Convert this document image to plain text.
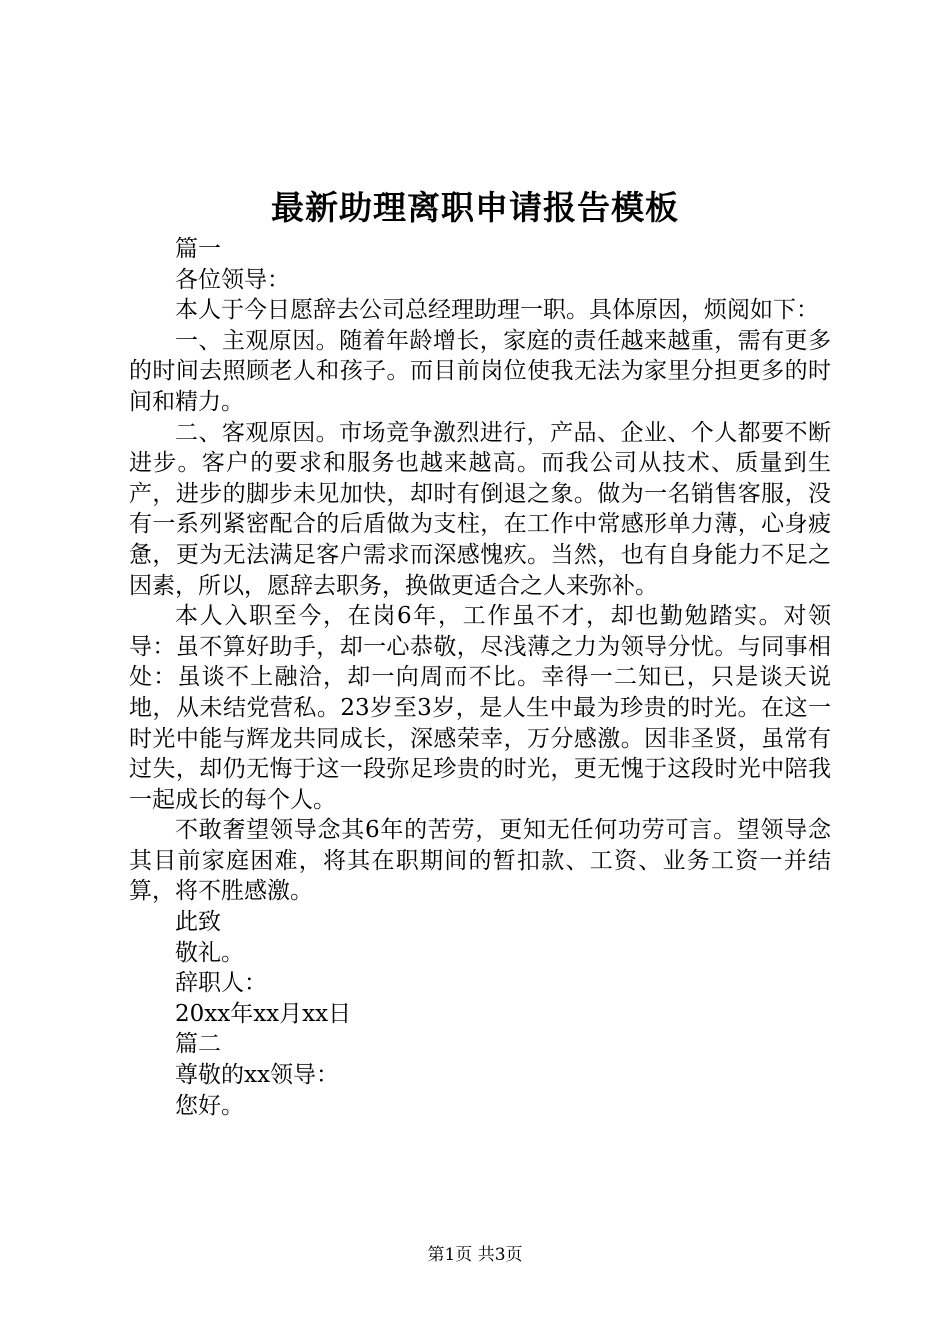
最新助理离职申请报告模板

篇一

各位领导：

本人于今日愿辞去公司总经理助理一职。具体原因，烦阅如下：

一、主观原因。随着年龄增长，家庭的责任越来越重，需有更多的时间去照顾老人和孩子。而目前岗位使我无法为家里分担更多的时间和精力。

二、客观原因。市场竞争激烈进行，产品、企业、个人都要不断进步。客户的要求和服务也越来越高。而我公司从技术、质量到生产，进步的脚步未见加快，却时有倒退之象。做为一名销售客服，没有一系列紧密配合的后盾做为支柱，在工作中常感形单力薄，心身疲惫，更为无法满足客户需求而深感愧疚。当然，也有自身能力不足之因素，所以，愿辞去职务，换做更适合之人来弥补。

本人入职至今，在岗6年，工作虽不才，却也勤勉踏实。对领导：虽不算好助手，却一心恭敬，尽浅薄之力为领导分忧。与同事相处：虽谈不上融洽，却一向周而不比。幸得一二知已，只是谈天说地，从未结党营私。23岁至3岁，是人生中最为珍贵的时光。在这一时光中能与辉龙共同成长，深感荣幸，万分感激。因非圣贤，虽常有过失，却仍无悔于这一段弥足珍贵的时光，更无愧于这段时光中陪我一起成长的每个人。

不敢奢望领导念其6年的苦劳，更知无任何功劳可言。望领导念其目前家庭困难，将其在职期间的暂扣款、工资、业务工资一并结算，将不胜感激。

此致

敬礼。

辞职人：

20xx年xx月xx日

篇二

尊敬的xx领导：

您好。

第1页 共3页
